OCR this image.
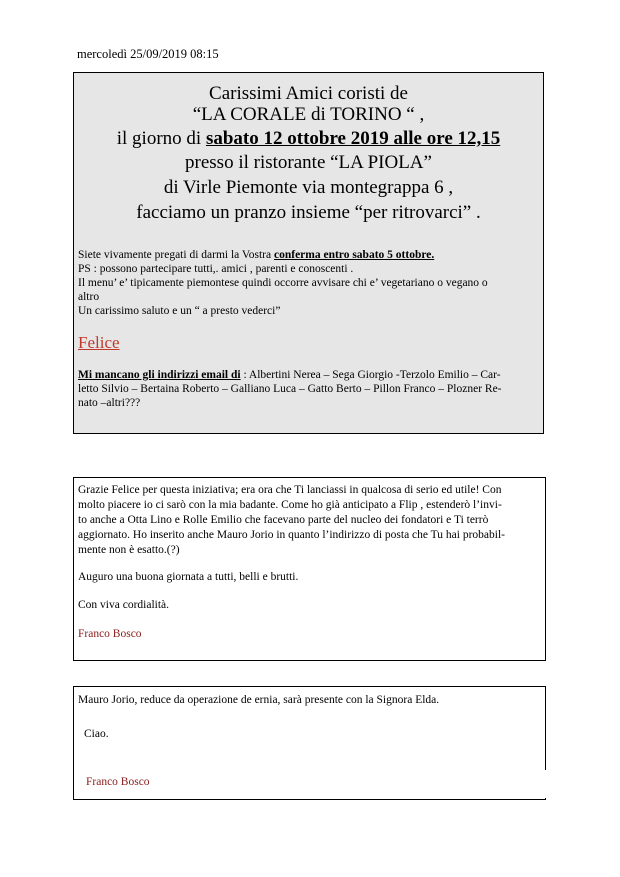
mercoledì 25/09/2019 08:15
Carissimi Amici coristi de
“LA CORALE di TORINO “ ,
il giorno di sabato 12 ottobre 2019 alle ore 12,15
presso il ristorante “LA PIOLA”
di Virle Piemonte via montegrappa 6 ,
facciamo un pranzo insieme “per ritrovarci” .
Siete vivamente pregati di darmi la Vostra conferma entro sabato 5 ottobre.
PS : possono partecipare tutti,. amici , parenti e conoscenti .
Il menu’ e’ tipicamente piemontese quindi occorre avvisare chi e’ vegetariano o vegano o
altro
Un carissimo saluto e un “ a presto vederci”
Felice
Mi mancano gli indirizzi email di : Albertini Nerea – Sega Giorgio -Terzolo Emilio – Car-
letto Silvio – Bertaina Roberto – Galliano Luca – Gatto Berto – Pillon Franco – Plozner Re-
nato –altri???
Grazie Felice per questa iniziativa; era ora che Ti lanciassi in qualcosa di serio ed utile! Con
molto piacere io ci sarò con la mia badante. Come ho già anticipato a Flip , estenderò l’invi-
to anche a Otta Lino e Rolle Emilio che facevano parte del nucleo dei fondatori e Ti terrò
aggiornato. Ho inserito anche Mauro Jorio in quanto l’indirizzo di posta che Tu hai probabil-
mente non è esatto.(?)
Auguro una buona giornata a tutti, belli e brutti.
Con viva cordialità.
Franco Bosco
Mauro Jorio, reduce da operazione de ernia, sarà presente con la Signora Elda.
Ciao.
Franco Bosco
